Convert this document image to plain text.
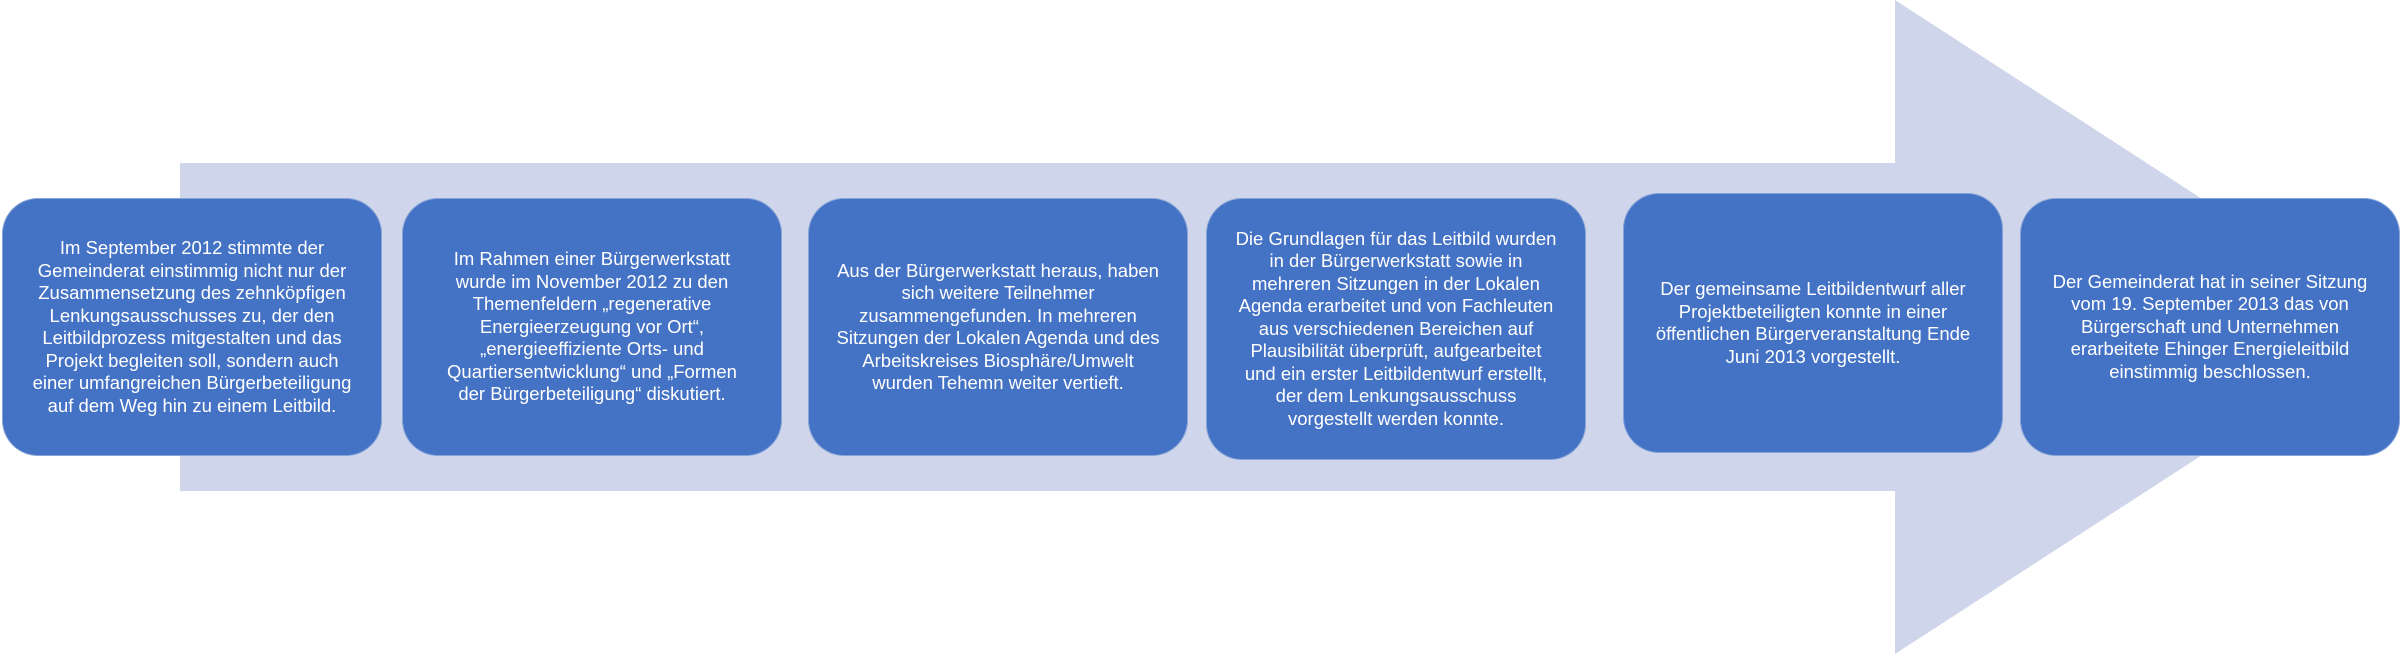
Im September 2012 stimmte der
Gemeinderat einstimmig nicht nur der
Zusammensetzung des zehnköpfigen
Lenkungsausschusses zu, der den
Leitbildprozess mitgestalten und das
Projekt begleiten soll, sondern auch
einer umfangreichen Bürgerbeteiligung
auf dem Weg hin zu einem Leitbild.
Im Rahmen einer Bürgerwerkstatt
wurde im November 2012 zu den
Themenfeldern „regenerative
Energieerzeugung vor Ort“,
„energieeffiziente Orts- und
Quartiersentwicklung“ und „Formen
der Bürgerbeteiligung“ diskutiert.
Aus der Bürgerwerkstatt heraus, haben
sich weitere Teilnehmer
zusammengefunden. In mehreren
Sitzungen der Lokalen Agenda und des
Arbeitskreises Biosphäre/Umwelt
wurden Tehemn weiter vertieft.
Die Grundlagen für das Leitbild wurden
in der Bürgerwerkstatt sowie in
mehreren Sitzungen in der Lokalen
Agenda erarbeitet und von Fachleuten
aus verschiedenen Bereichen auf
Plausibilität überprüft, aufgearbeitet
und ein erster Leitbildentwurf erstellt,
der dem Lenkungsausschuss
vorgestellt werden konnte.
Der gemeinsame Leitbildentwurf aller
Projektbeteiligten konnte in einer
öffentlichen Bürgerveranstaltung Ende
Juni 2013 vorgestellt.
Der Gemeinderat hat in seiner Sitzung
vom 19. September 2013 das von
Bürgerschaft und Unternehmen
erarbeitete Ehinger Energieleitbild
einstimmig beschlossen.
